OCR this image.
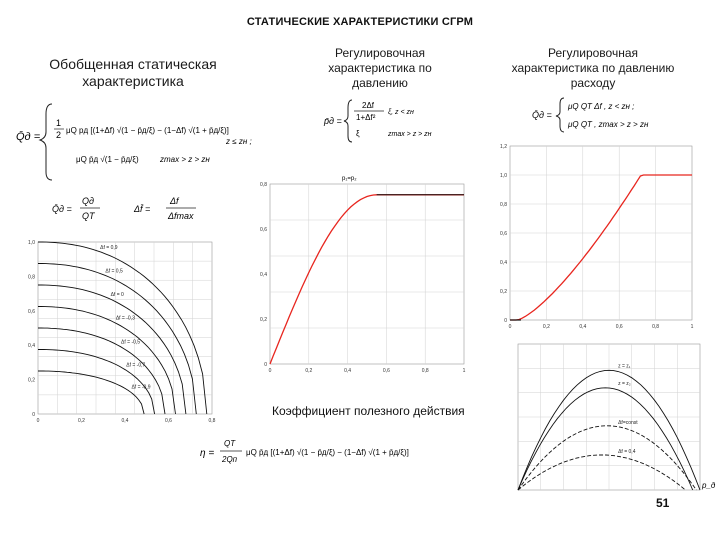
СТАТИЧЕСКИЕ ХАРАКТЕРИСТИКИ СГРМ
Обобщенная статическая
характеристика
Регулировочная
характеристика по
давлению
Регулировочная
характеристика по давлению
расходу
Q̄д =
1
2 μQ pд [(1+Δf) √(1 − p̄д/ξ) − (1−Δf) √(1 + p̄д/ξ)]
z ≤ zн ;
μQ p̄д √(1 − p̄д/ξ)	zmax > z > zн
Q̄д =
Qд
QТ
Δf̄ =
Δf
Δfmax
p̄д =
2Δf
1+Δf²
ξ, z < zн
ξ	zmax > z > zн
Q̄д =
μQ QТ Δf , z < zн ;
μQ QТ , zmax > z > zн
η =
QТ
2Qп
μQ p̄д [(1+Δf) √(1 − p̄д/ξ) − (1−Δf) √(1 + p̄д/ξ)]
0	0,2	0,4	0,6	0,8
0
0,2
0,4
0,6
0,8
1,0
Δf = 0,9
Δf = 0,5
Δf = 0
Δf = -0,3
Δf = -0,5
Δf = -0,7
Δf = -0,9
0	0,2	0,4	0,6	0,8	1
0
0,2
0,4
0,6
0,8
p₁=p₂
0	0,2	0,4	0,6	0,8	1
0
0,2
0,4
0,6
0,8
1,0
1,2
z = z₁
z = z₂
Δf=const
Δf = 0,4
p_д
Коэффициент полезного действия
51
